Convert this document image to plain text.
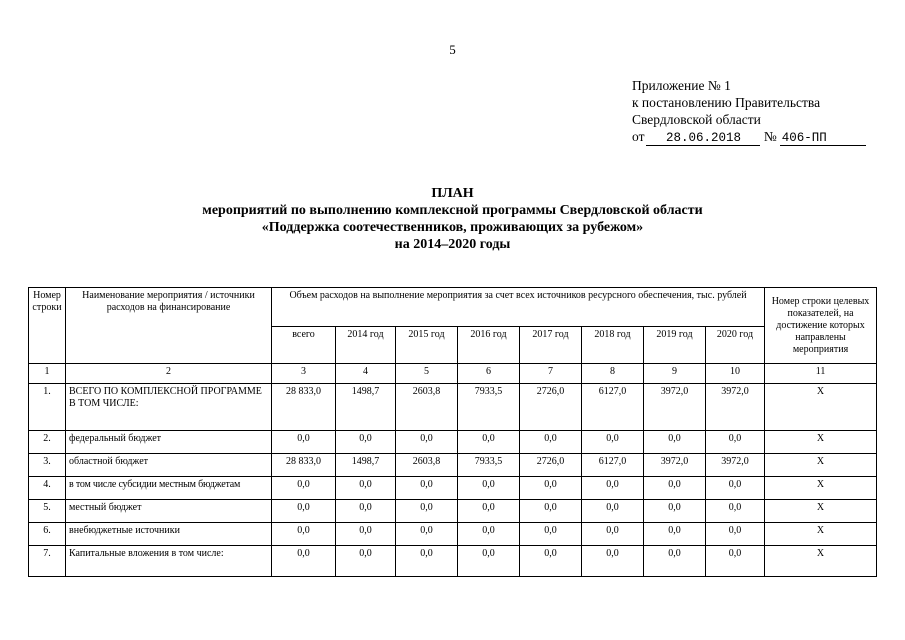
5
Приложение № 1
к постановлению Правительства
Свердловской области
от 28.06.2018 № 406-ПП
ПЛАН
мероприятий по выполнению комплексной программы Свердловской области
«Поддержка соотечественников, проживающих за рубежом»
на 2014–2020 годы
Номер строки	Наименование мероприятия / источники расходов на финансирование	Объем расходов на выполнение мероприятия за счет всех источников ресурсного обеспечения, тыс. рублей								Номер строки целевых показателей, на достижение которых направлены мероприятия
		всего	2014 год	2015 год	2016 год	2017 год	2018 год	2019 год	2020 год	
1	2	3	4	5	6	7	8	9	10	11
1.	ВСЕГО ПО КОМПЛЕКСНОЙ ПРОГРАММЕ В ТОМ ЧИСЛЕ:	28 833,0	1498,7	2603,8	7933,5	2726,0	6127,0	3972,0	3972,0	Х
2.	федеральный бюджет	0,0	0,0	0,0	0,0	0,0	0,0	0,0	0,0	Х
3.	областной бюджет	28 833,0	1498,7	2603,8	7933,5	2726,0	6127,0	3972,0	3972,0	Х
4.	в том числе субсидии местным бюджетам	0,0	0,0	0,0	0,0	0,0	0,0	0,0	0,0	Х
5.	местный бюджет	0,0	0,0	0,0	0,0	0,0	0,0	0,0	0,0	Х
6.	внебюджетные источники	0,0	0,0	0,0	0,0	0,0	0,0	0,0	0,0	Х
7.	Капитальные вложения в том числе:	0,0	0,0	0,0	0,0	0,0	0,0	0,0	0,0	Х
